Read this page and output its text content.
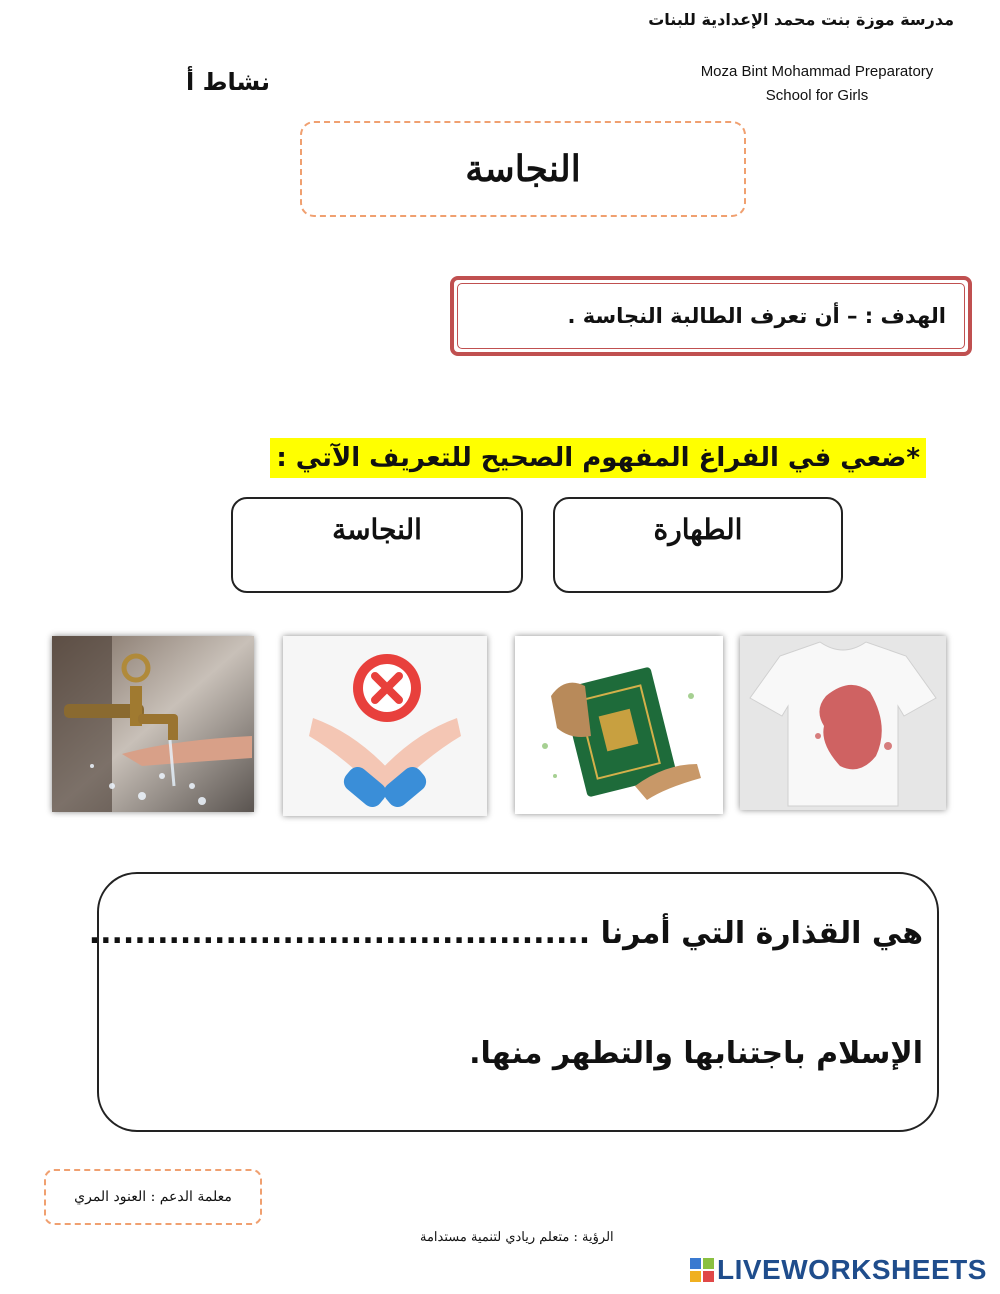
مدرسة موزة بنت محمد الإعدادية للبنات
Moza Bint Mohammad Preparatory
School for Girls
نشاط أ
النجاسة
الهدف : – أن تعرف الطالبة النجاسة .
*ضعي في الفراغ المفهوم الصحيح للتعريف الآتي :
النجاسة	الطهارة
هي القذارة التي أمرنا ............................................
الإسلام باجتنابها والتطهر منها.
معلمة الدعم : العنود المري
الرؤية : متعلم ريادي لتنمية مستدامة
LIVEWORKSHEETS
